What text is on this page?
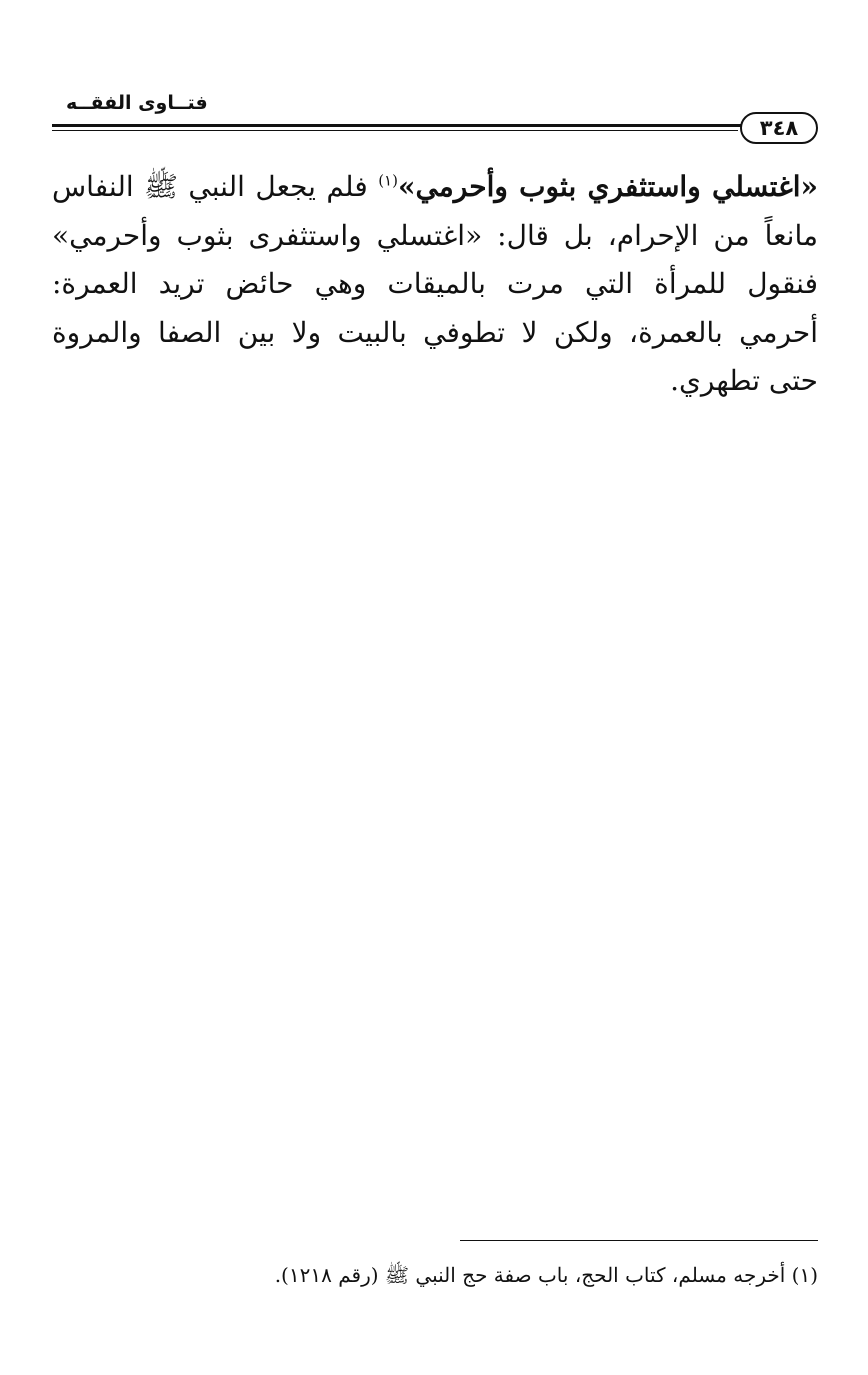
فتــاوى الفقــه
٣٤٨
«اغتسلي واستثفري بثوب وأحرمي»$^{(١)}$ فلم يجعل النبي ﷺ النفاس
مانعاً من الإحرام، بل قال: «اغتسلي واستثفرى بثوب وأحرمي»
فنقول للمرأة التي مرت بالميقات وهي حائض تريد العمرة:
أحرمي بالعمرة، ولكن لا تطوفي بالبيت ولا بين الصفا والمروة
حتى تطهري.
(١) أخرجه مسلم، كتاب الحج، باب صفة حج النبي ﷺ (رقم ١٢١٨).
